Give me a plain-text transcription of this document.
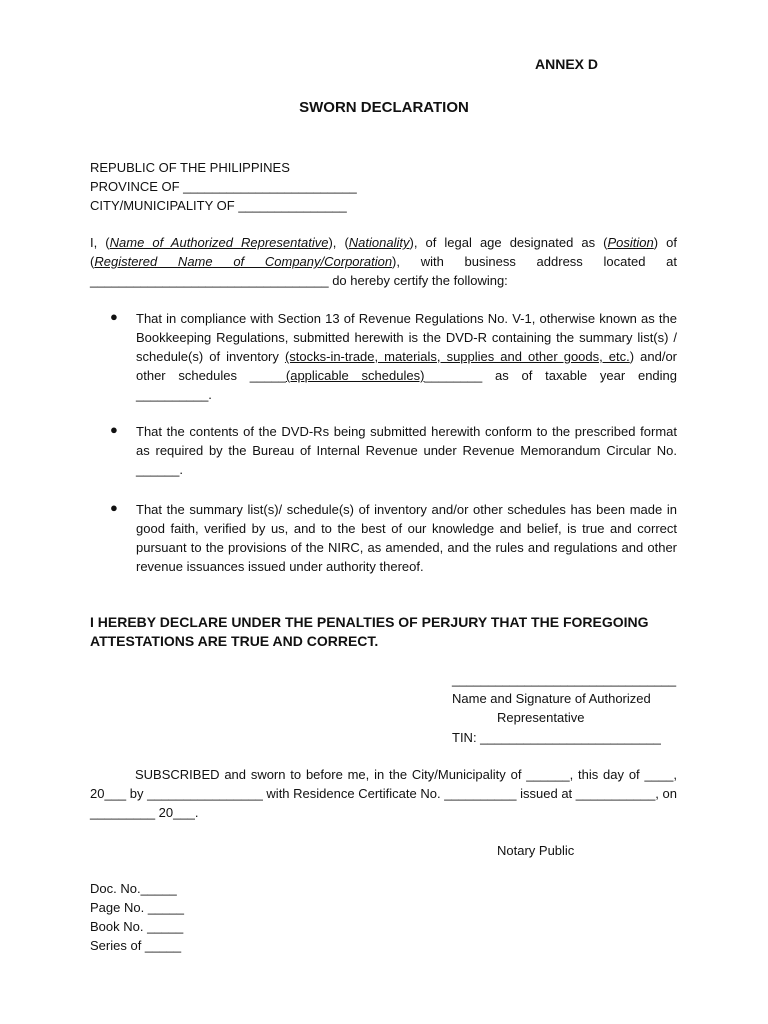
ANNEX D
SWORN DECLARATION
REPUBLIC OF THE PHILIPPINES
PROVINCE OF ________________________
CITY/MUNICIPALITY OF _______________
I, (Name of Authorized Representative), (Nationality), of legal age designated as (Position) of (Registered Name of Company/Corporation), with business address located at _________________________________ do hereby certify the following:
● That in compliance with Section 13 of Revenue Regulations No. V-1, otherwise known as the Bookkeeping Regulations, submitted herewith is the DVD-R containing the summary list(s) / schedule(s) of inventory (stocks-in-trade, materials, supplies and other goods, etc.) and/or other schedules _____(applicable schedules)________ as of taxable year ending __________.
● That the contents of the DVD-Rs being submitted herewith conform to the prescribed format as required by the Bureau of Internal Revenue under Revenue Memorandum Circular No. ______.
● That the summary list(s)/ schedule(s) of inventory and/or other schedules has been made in good faith, verified by us, and to the best of our knowledge and belief, is true and correct pursuant to the provisions of the NIRC, as amended, and the rules and regulations and other revenue issuances issued under authority thereof.
I HEREBY DECLARE UNDER THE PENALTIES OF PERJURY THAT THE FOREGOING ATTESTATIONS ARE TRUE AND CORRECT.
_______________________________
Name and Signature of Authorized
Representative
TIN: _________________________
SUBSCRIBED and sworn to before me, in the City/Municipality of ______, this day of ____, 20___ by ________________ with Residence Certificate No. __________ issued at ___________, on _________ 20___.
Notary Public
Doc. No._____
Page No. _____
Book No. _____
Series of _____
